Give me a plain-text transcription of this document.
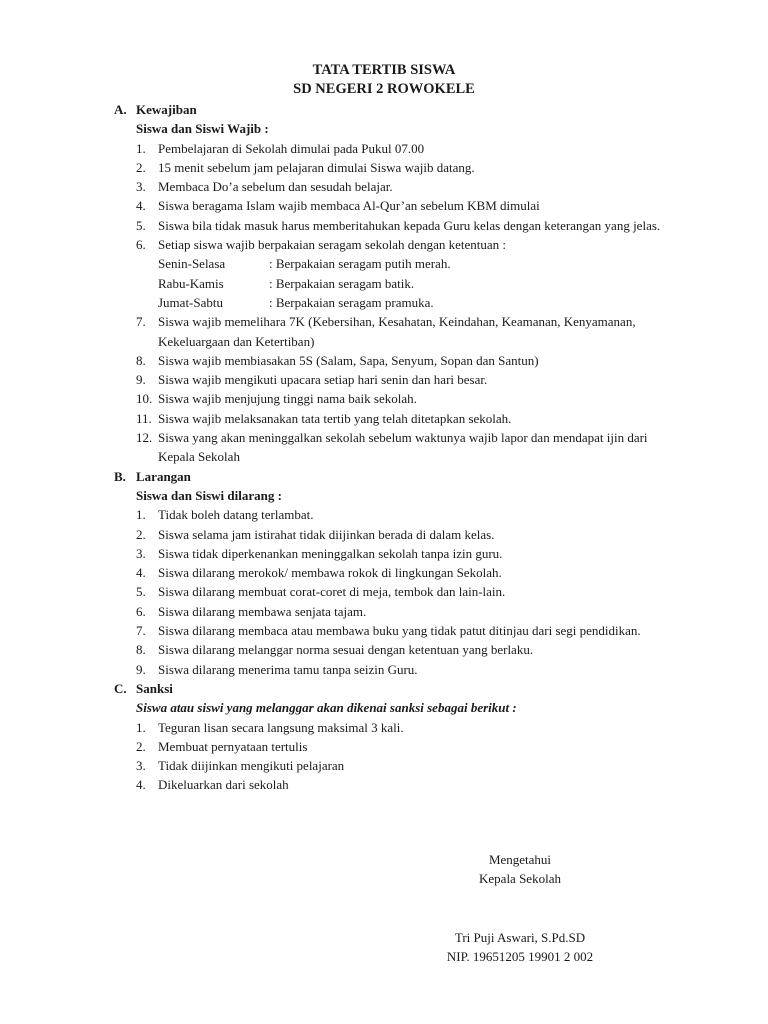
TATA TERTIB SISWA
SD NEGERI 2 ROWOKELE
A. Kewajiban
Siswa dan Siswi Wajib :
1. Pembelajaran di Sekolah dimulai pada Pukul 07.00
2. 15 menit sebelum jam pelajaran dimulai Siswa wajib datang.
3. Membaca Do’a sebelum dan sesudah belajar.
4. Siswa beragama Islam wajib membaca Al-Qur’an sebelum KBM dimulai
5. Siswa bila tidak masuk harus memberitahukan kepada Guru kelas dengan keterangan yang jelas.
6. Setiap siswa wajib berpakaian seragam sekolah dengan ketentuan :
Senin-Selasa	: Berpakaian seragam putih merah.
Rabu-Kamis	: Berpakaian seragam batik.
Jumat-Sabtu	: Berpakaian seragam pramuka.
7. Siswa wajib memelihara 7K (Kebersihan, Kesahatan, Keindahan, Keamanan, Kenyamanan, Kekeluargaan dan Ketertiban)
8. Siswa wajib membiasakan 5S (Salam, Sapa, Senyum, Sopan dan Santun)
9. Siswa wajib mengikuti upacara setiap hari senin dan hari besar.
10. Siswa wajib menjujung tinggi nama baik sekolah.
11. Siswa wajib melaksanakan tata tertib yang telah ditetapkan sekolah.
12. Siswa yang akan meninggalkan sekolah sebelum waktunya wajib lapor dan mendapat ijin dari Kepala Sekolah
B. Larangan
Siswa dan Siswi dilarang :
1. Tidak boleh datang terlambat.
2. Siswa selama jam istirahat tidak diijinkan berada di dalam kelas.
3. Siswa tidak diperkenankan meninggalkan sekolah tanpa izin guru.
4. Siswa dilarang merokok/ membawa rokok di lingkungan Sekolah.
5. Siswa dilarang membuat corat-coret di meja, tembok dan lain-lain.
6. Siswa dilarang membawa senjata tajam.
7. Siswa dilarang membaca atau membawa buku yang tidak patut ditinjau dari segi pendidikan.
8. Siswa dilarang melanggar norma sesuai dengan ketentuan yang berlaku.
9. Siswa dilarang menerima tamu tanpa seizin Guru.
C. Sanksi
Siswa atau siswi yang melanggar akan dikenai sanksi sebagai berikut :
1. Teguran lisan secara langsung maksimal 3 kali.
2. Membuat pernyataan tertulis
3. Tidak diijinkan mengikuti pelajaran
4. Dikeluarkan dari sekolah
Mengetahui
Kepala Sekolah
Tri Puji Aswari, S.Pd.SD
NIP. 19651205 19901 2 002
